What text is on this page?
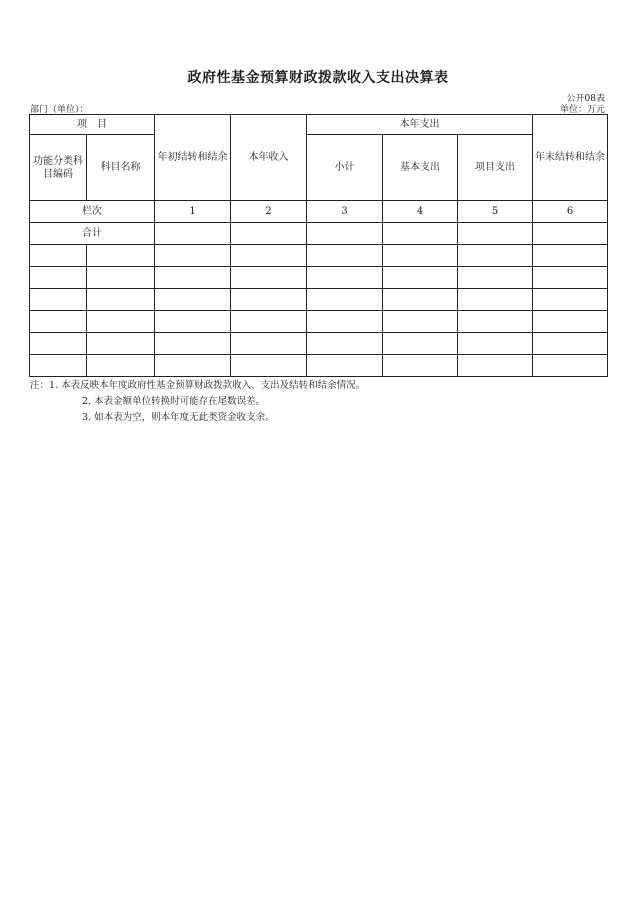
政府性基金预算财政拨款收入支出决算表
公开08表
部门（单位）：	单位：万元
项　目		年初结转和结余	本年收入	本年支出			年末结转和结余
功能分类科目编码	科目名称			小计	基本支出	项目支出	
栏次		1	2	3	4	5	6
合计							

注：1. 本表反映本年度政府性基金预算财政拨款收入、支出及结转和结余情况。
2. 本表金额单位转换时可能存在尾数误差。
3. 如本表为空，则本年度无此类资金收支余。
